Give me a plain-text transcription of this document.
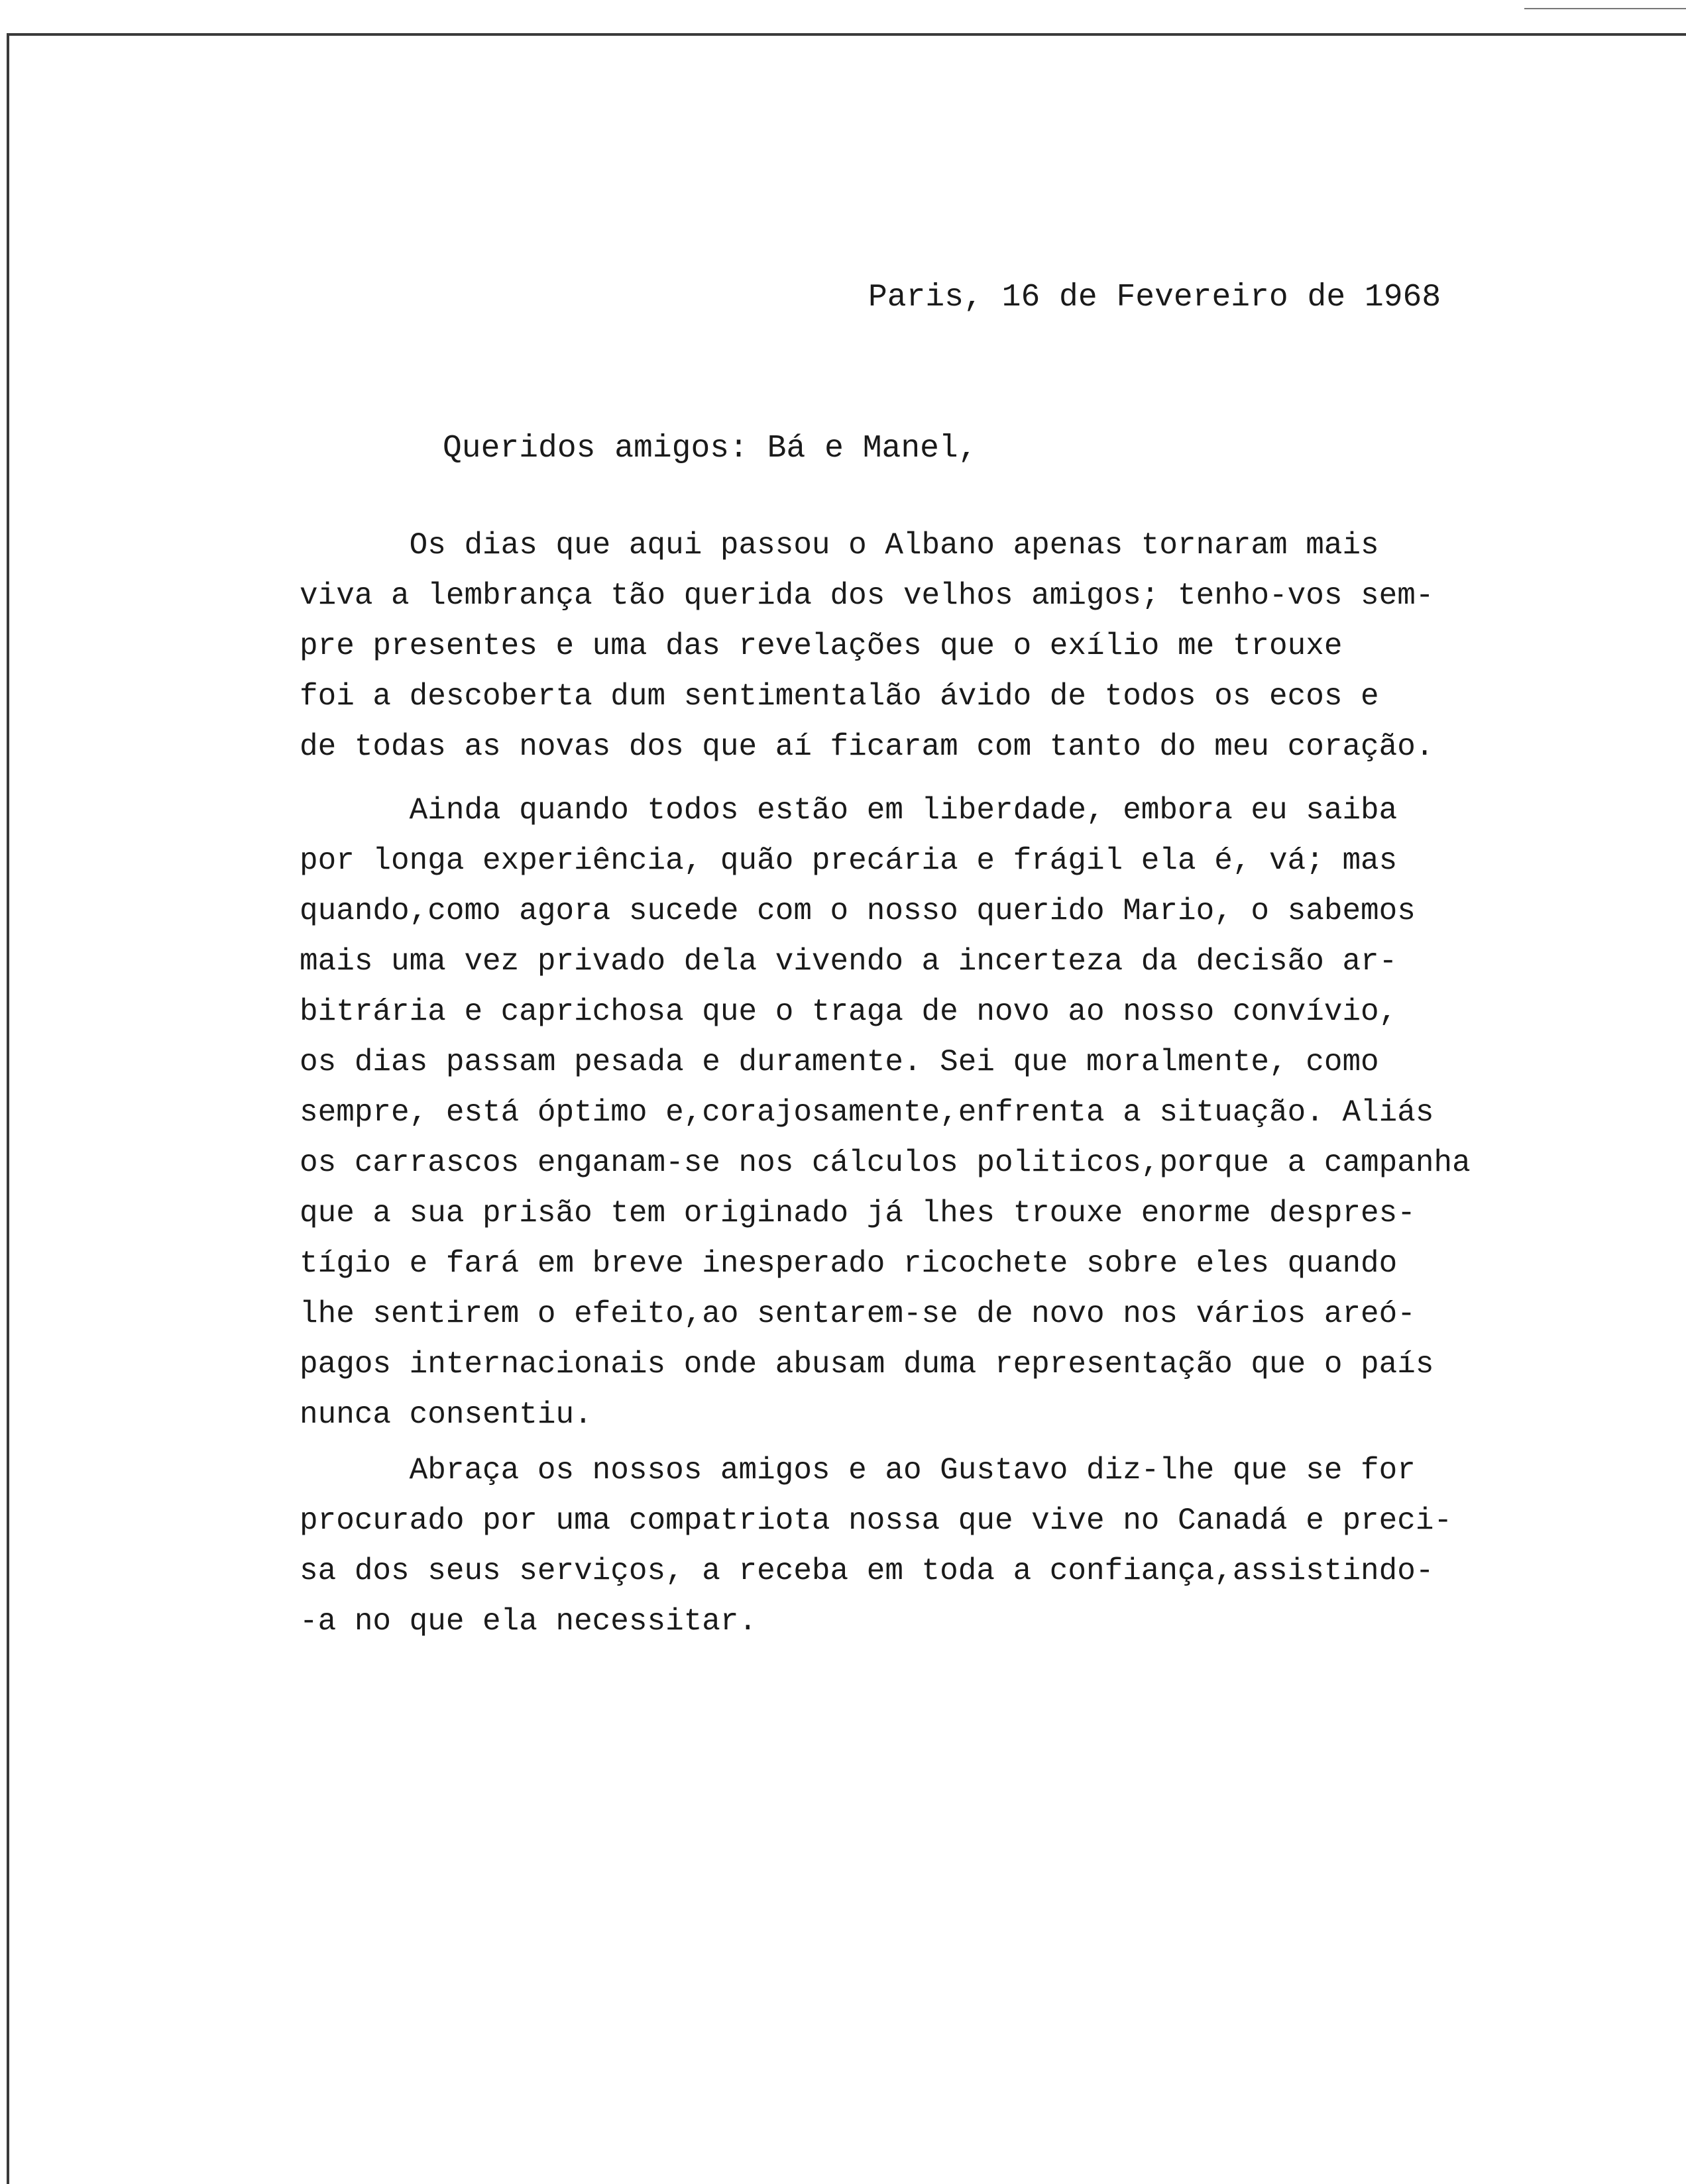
Paris, 16 de Fevereiro de 1968
Queridos amigos: Bá e Manel,
Os dias que aqui passou o Albano apenas tornaram mais
viva a lembrança tão querida dos velhos amigos; tenho-vos sem-
pre presentes e uma das revelações que o exílio me trouxe
foi a descoberta dum sentimentalão ávido de todos os ecos e
de todas as novas dos que aí ficaram com tanto do meu coração.
Ainda quando todos estão em liberdade, embora eu saiba
por longa experiência, quão precária e frágil ela é, vá; mas
quando,como agora sucede com o nosso querido Mario, o sabemos
mais uma vez privado dela vivendo a incerteza da decisão ar-
bitrária e caprichosa que o traga de novo ao nosso convívio,
os dias passam pesada e duramente. Sei que moralmente, como
sempre, está óptimo e,corajosamente,enfrenta a situação. Aliás
os carrascos enganam-se nos cálculos politicos,porque a campanha
que a sua prisão tem originado já lhes trouxe enorme despres-
tígio e fará em breve inesperado ricochete sobre eles quando
lhe sentirem o efeito,ao sentarem-se de novo nos vários areó-
pagos internacionais onde abusam duma representação que o país
nunca consentiu.
Abraça os nossos amigos e ao Gustavo diz-lhe que se for
procurado por uma compatriota nossa que vive no Canadá e preci-
sa dos seus serviços, a receba em toda a confiança,assistindo-
-a no que ela necessitar.
